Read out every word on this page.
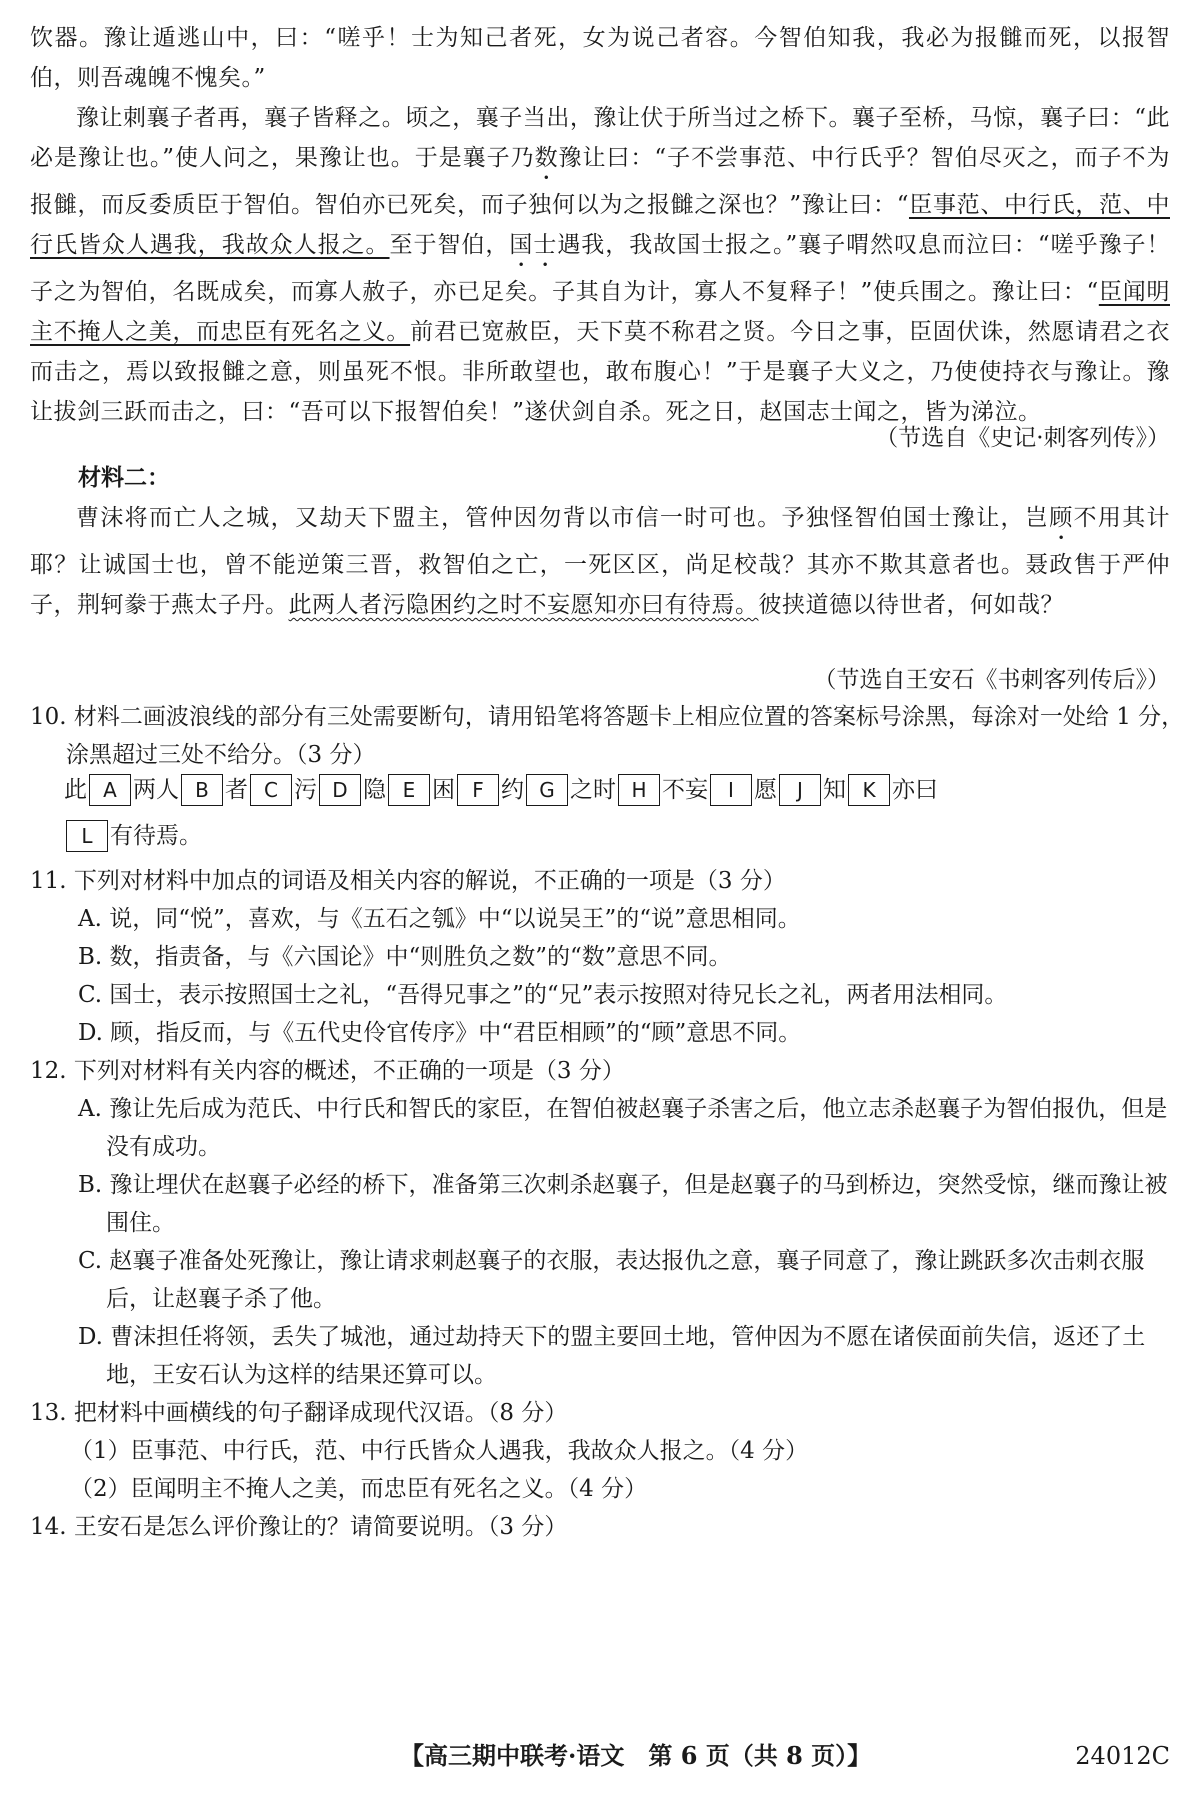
饮器。豫让遁逃山中，曰：“嗟乎！士为知己者死，女为说己者容。今智伯知我，我必为报雠而死，以报智伯，则吾魂魄不愧矣。”

豫让刺襄子者再，襄子皆释之。顷之，襄子当出，豫让伏于所当过之桥下。襄子至桥，马惊，襄子曰：“此必是豫让也。”使人问之，果豫让也。于是襄子乃数豫让曰：“子不尝事范、中行氏乎？智伯尽灭之，而子不为报雠，而反委质臣于智伯。智伯亦已死矣，而子独何以为之报雠之深也？”豫让曰：“臣事范、中行氏，范、中行氏皆众人遇我，我故众人报之。至于智伯，国士遇我，我故国士报之。”襄子喟然叹息而泣曰：“嗟乎豫子！子之为智伯，名既成矣，而寡人赦子，亦已足矣。子其自为计，寡人不复释子！”使兵围之。豫让曰：“臣闻明主不掩人之美，而忠臣有死名之义。前君已宽赦臣，天下莫不称君之贤。今日之事，臣固伏诛，然愿请君之衣而击之，焉以致报雠之意，则虽死不恨。非所敢望也，敢布腹心！”于是襄子大义之，乃使使持衣与豫让。豫让拔剑三跃而击之，曰：“吾可以下报智伯矣！”遂伏剑自杀。死之日，赵国志士闻之，皆为涕泣。

（节选自《史记·刺客列传》）
材料二：

曹沫将而亡人之城，又劫天下盟主，管仲因勿背以市信一时可也。予独怪智伯国士豫让，岂顾不用其计耶？让诚国士也，曾不能逆策三晋，救智伯之亡，一死区区，尚足校哉？其亦不欺其意者也。聂政售于严仲子，荆轲豢于燕太子丹。此两人者污隐困约之时不妄愿知亦曰有待焉。彼挟道德以待世者，何如哉？

（节选自王安石《书刺客列传后》）
10. 材料二画波浪线的部分有三处需要断句，请用铅笔将答题卡上相应位置的答案标号涂黑，每涂对一处给 1 分，涂黑超过三处不给分。（3 分）
此 A 两人 B 者 C 污 D 隐 E 困 F 约 G 之时 H 不妄	I 愿	J 知 K 亦曰
L 有待焉。
11. 下列对材料中加点的词语及相关内容的解说，不正确的一项是（3 分）
A. 说，同“悦”，喜欢，与《五石之瓠》中“以说吴王”的“说”意思相同。
B. 数，指责备，与《六国论》中“则胜负之数”的“数”意思不同。
C. 国士，表示按照国士之礼，“吾得兄事之”的“兄”表示按照对待兄长之礼，两者用法相同。
D. 顾，指反而，与《五代史伶官传序》中“君臣相顾”的“顾”意思不同。
12. 下列对材料有关内容的概述，不正确的一项是（3 分）
A. 豫让先后成为范氏、中行氏和智氏的家臣，在智伯被赵襄子杀害之后，他立志杀赵襄子为智伯报仇，但是没有成功。
B. 豫让埋伏在赵襄子必经的桥下，准备第三次刺杀赵襄子，但是赵襄子的马到桥边，突然受惊，继而豫让被围住。
C. 赵襄子准备处死豫让，豫让请求刺赵襄子的衣服，表达报仇之意，襄子同意了，豫让跳跃多次击刺衣服后，让赵襄子杀了他。
D. 曹沫担任将领，丢失了城池，通过劫持天下的盟主要回土地，管仲因为不愿在诸侯面前失信，返还了土地，王安石认为这样的结果还算可以。
13. 把材料中画横线的句子翻译成现代汉语。（8 分）
（1）臣事范、中行氏，范、中行氏皆众人遇我，我故众人报之。（4 分）
（2）臣闻明主不掩人之美，而忠臣有死名之义。（4 分）
14. 王安石是怎么评价豫让的？请简要说明。（3 分）
【高三期中联考·语文　第 6 页（共 8 页）】	24012C
